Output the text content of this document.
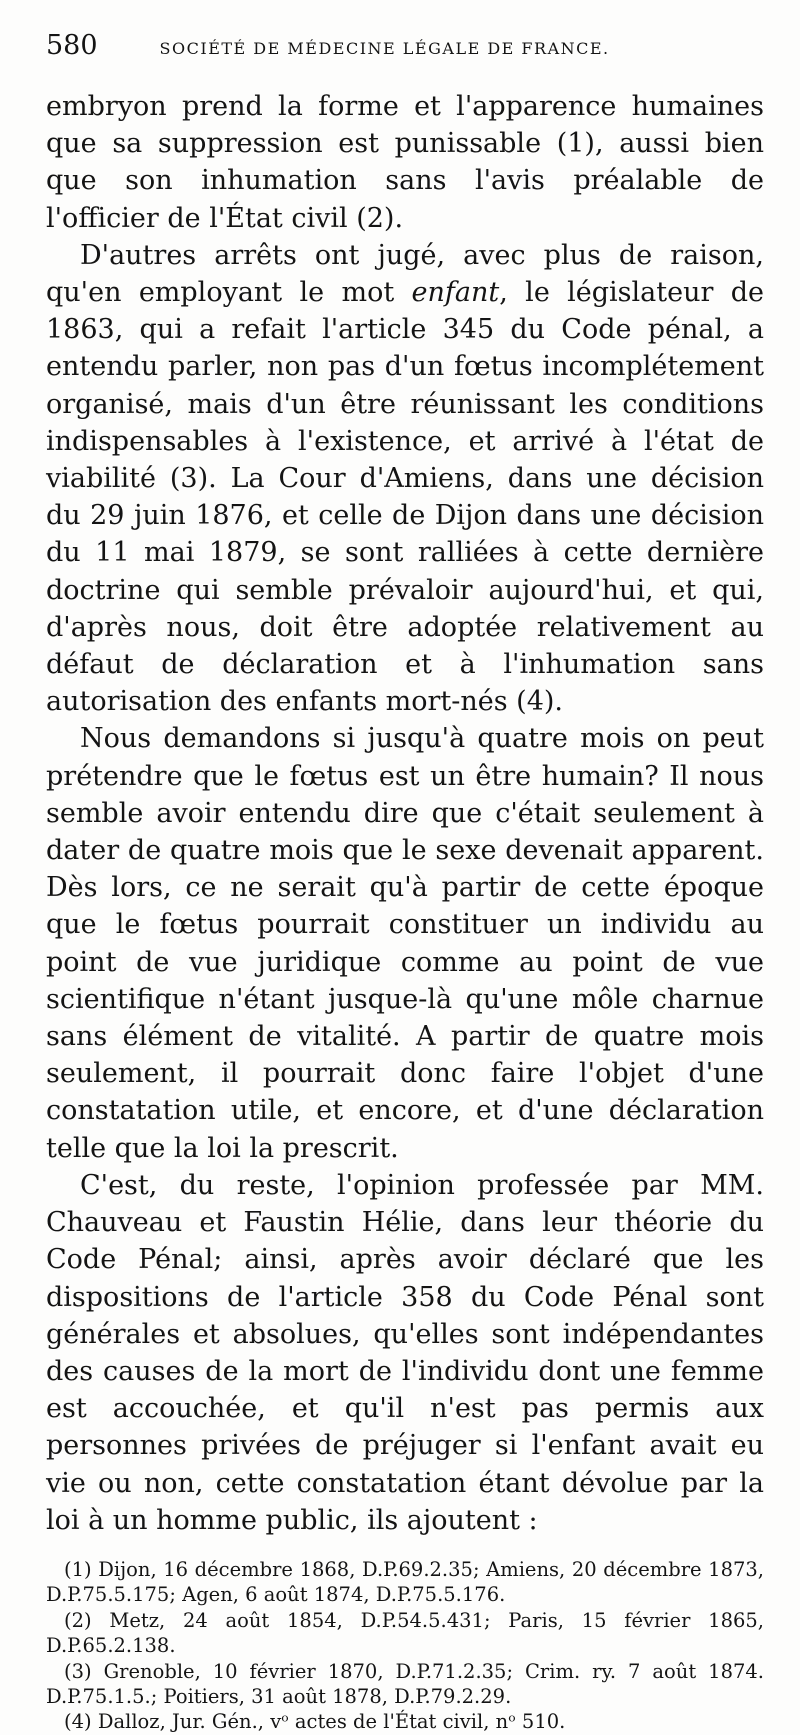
580	SOCIÉTÉ DE MÉDECINE LÉGALE DE FRANCE.

embryon prend la forme et l'apparence humaines que sa suppression est punissable (1), aussi bien que son inhumation sans l'avis préalable de l'officier de l'État civil (2).

D'autres arrêts ont jugé, avec plus de raison, qu'en employant le mot enfant, le législateur de 1863, qui a refait l'article 345 du Code pénal, a entendu parler, non pas d'un fœtus incomplétement organisé, mais d'un être réunissant les conditions indispensables à l'existence, et arrivé à l'état de viabilité (3). La Cour d'Amiens, dans une décision du 29 juin 1876, et celle de Dijon dans une décision du 11 mai 1879, se sont ralliées à cette dernière doctrine qui semble prévaloir aujourd'hui, et qui, d'après nous, doit être adoptée relativement au défaut de déclaration et à l'inhumation sans autorisation des enfants mort-nés (4).

Nous demandons si jusqu'à quatre mois on peut prétendre que le fœtus est un être humain? Il nous semble avoir entendu dire que c'était seulement à dater de quatre mois que le sexe devenait apparent. Dès lors, ce ne serait qu'à partir de cette époque que le fœtus pourrait constituer un individu au point de vue juridique comme au point de vue scientifique n'étant jusque-là qu'une môle charnue sans élément de vitalité. A partir de quatre mois seulement, il pourrait donc faire l'objet d'une constatation utile, et encore, et d'une déclaration telle que la loi la prescrit.

C'est, du reste, l'opinion professée par MM. Chauveau et Faustin Hélie, dans leur théorie du Code Pénal; ainsi, après avoir déclaré que les dispositions de l'article 358 du Code Pénal sont générales et absolues, qu'elles sont indépendantes des causes de la mort de l'individu dont une femme est accouchée, et qu'il n'est pas permis aux personnes privées de préjuger si l'enfant avait eu vie ou non, cette constatation étant dévolue par la loi à un homme public, ils ajoutent :

(1) Dijon, 16 décembre 1868, D.P.69.2.35; Amiens, 20 décembre 1873, D.P.75.5.175; Agen, 6 août 1874, D.P.75.5.176.

(2) Metz, 24 août 1854, D.P.54.5.431; Paris, 15 février 1865, D.P.65.2.138.

(3) Grenoble, 10 février 1870, D.P.71.2.35; Crim. ry. 7 août 1874. D.P.75.1.5.; Poitiers, 31 août 1878, D.P.79.2.29.

(4) Dalloz, Jur. Gén., vᵒ actes de l'État civil, nᵒ 510.
